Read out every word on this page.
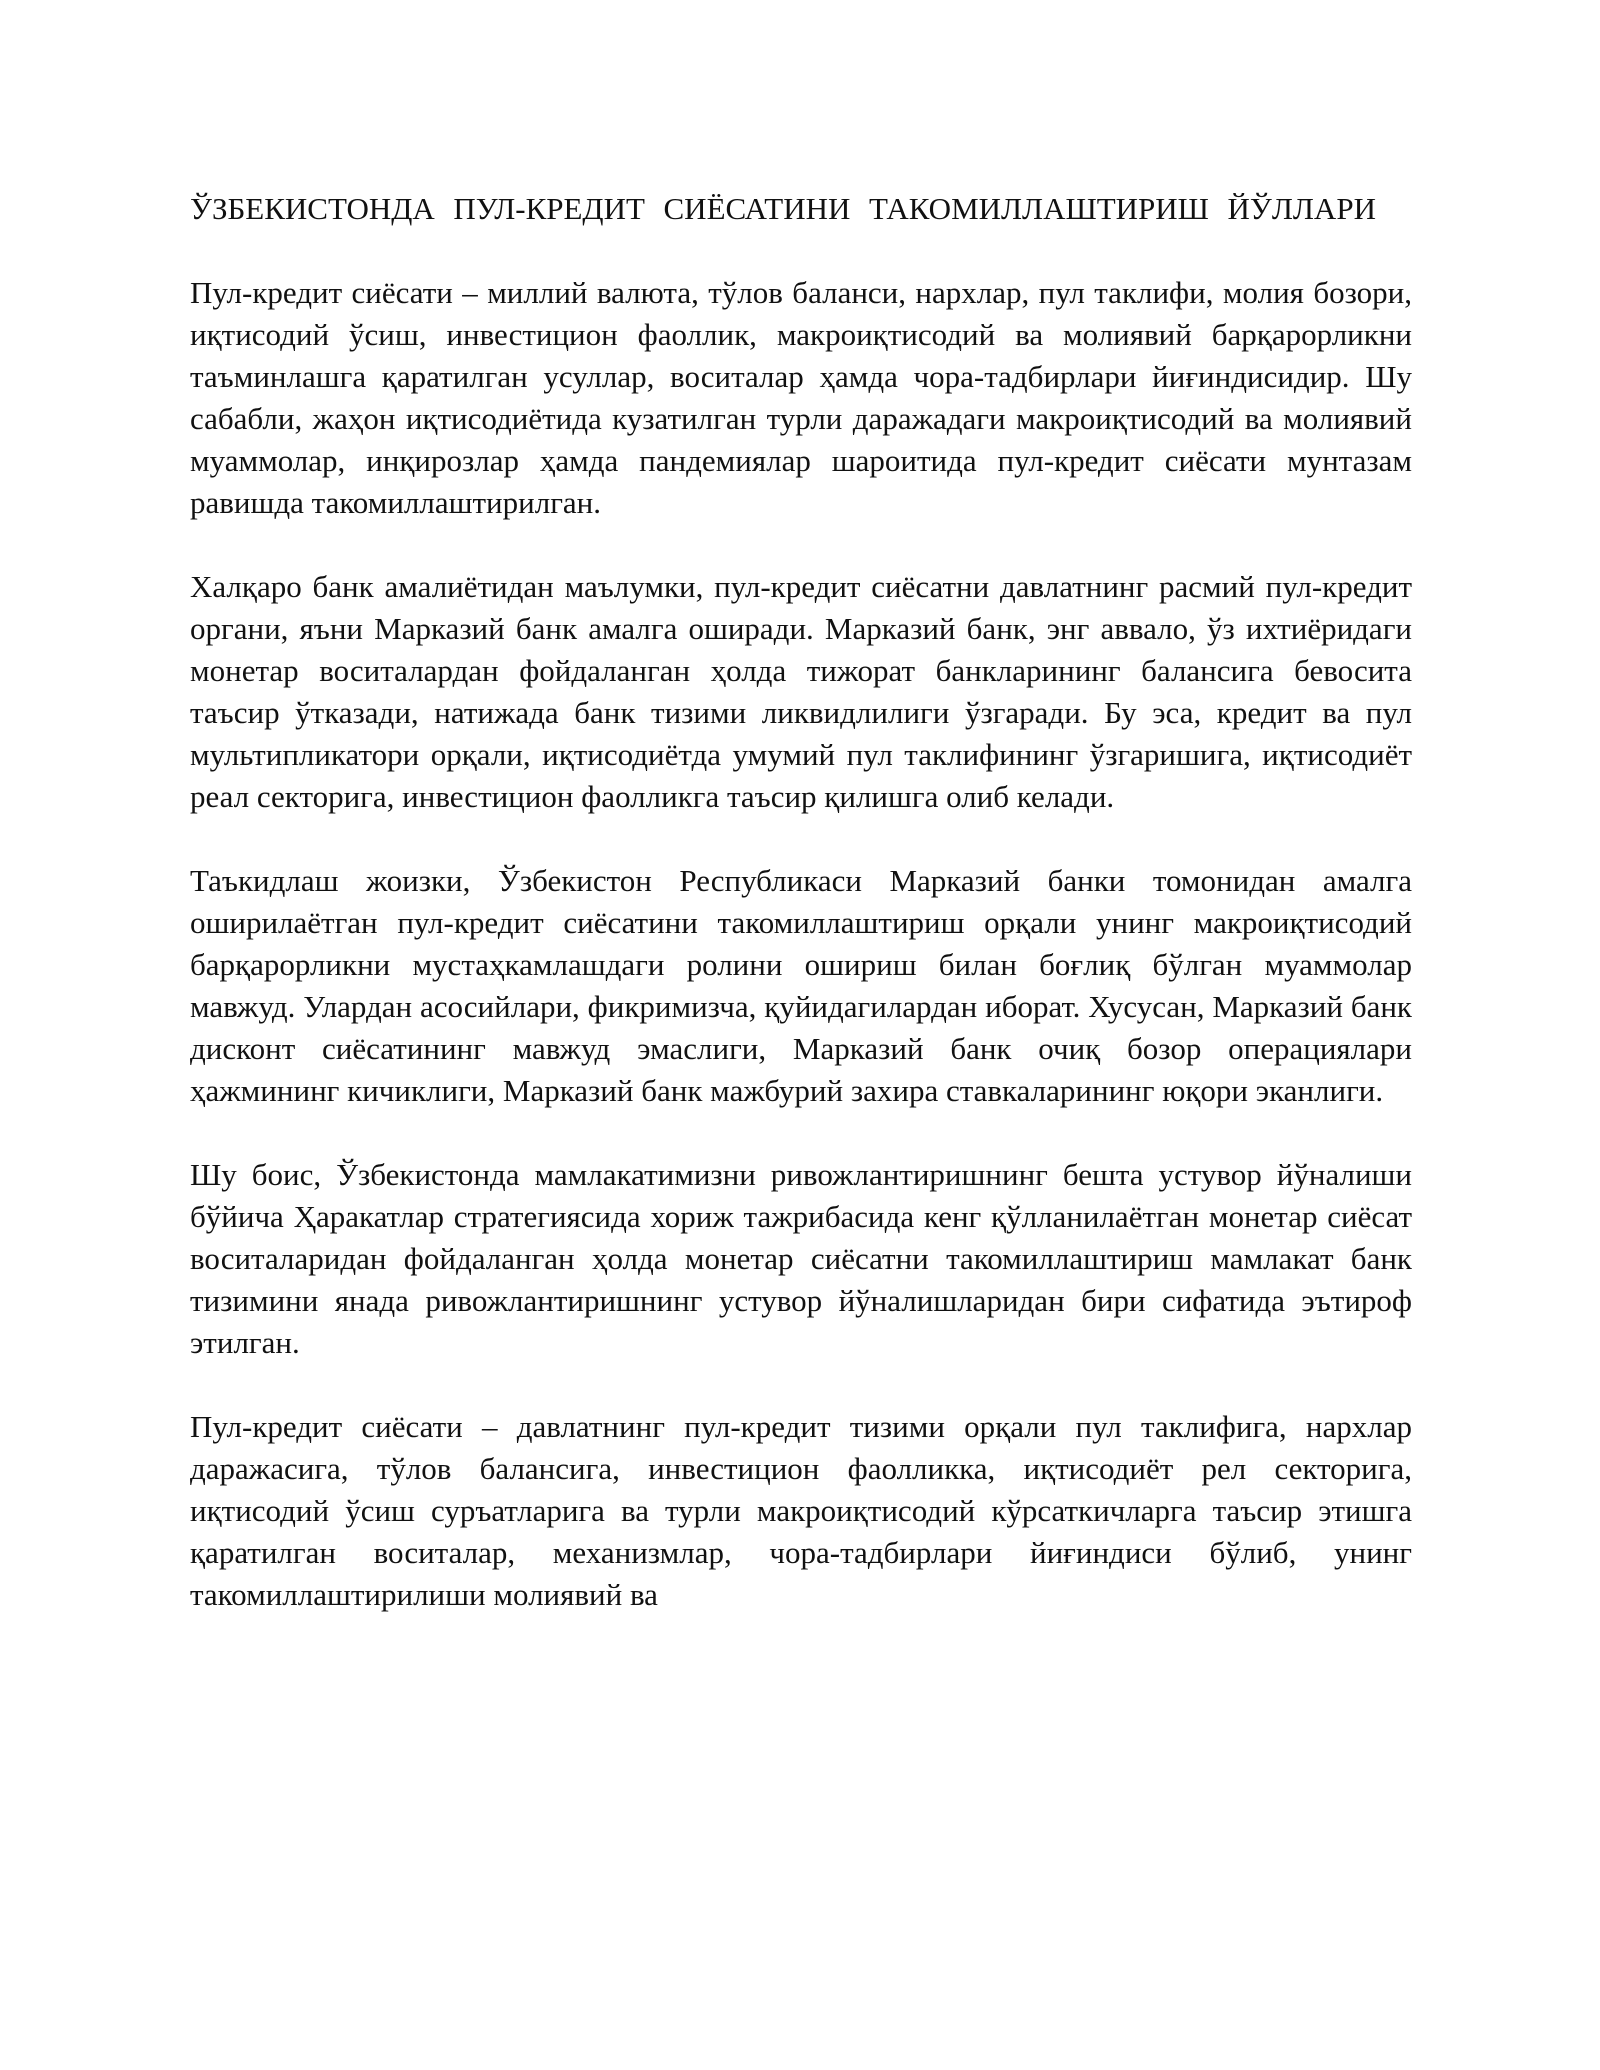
ЎЗБЕКИСТОНДА ПУЛ-КРЕДИТ СИЁСАТИНИ ТАКОМИЛЛАШТИРИШ ЙЎЛЛАРИ

Пул-кредит сиёсати – миллий валюта, тўлов баланси, нархлар, пул таклифи, молия бозори, иқтисодий ўсиш, инвестицион фаоллик, макроиқтисодий ва молиявий барқарорликни таъминлашга қаратилган усуллар, воситалар ҳамда чора-тадбирлари йиғиндисидир. Шу сабабли, жаҳон иқтисодиётида кузатилган турли даражадаги макроиқтисодий ва молиявий муаммолар, инқирозлар ҳамда пандемиялар шароитида пул-кредит сиёсати мунтазам равишда такомиллаштирилган.

Халқаро банк амалиётидан маълумки, пул-кредит сиёсатни давлатнинг расмий пул-кредит органи, яъни Марказий банк амалга оширади. Марказий банк, энг аввало, ўз ихтиёридаги монетар воситалардан фойдаланган ҳолда тижорат банкларининг балансига бевосита таъсир ўтказади, натижада банк тизими ликвидлилиги ўзгаради. Бу эса, кредит ва пул мультипликатори орқали, иқтисодиётда умумий пул таклифининг ўзгаришига, иқтисодиёт реал секторига, инвестицион фаолликга таъсир қилишга олиб келади.

Таъкидлаш жоизки, Ўзбекистон Республикаси Марказий банки томонидан амалга оширилаётган пул-кредит сиёсатини такомиллаштириш орқали унинг макроиқтисодий барқарорликни мустаҳкамлашдаги ролини ошириш билан боғлиқ бўлган муаммолар мавжуд. Улардан асосийлари, фикримизча, қуйидагилардан иборат. Хусусан, Марказий банк дисконт сиёсатининг мавжуд эмаслиги, Марказий банк очиқ бозор операциялари ҳажмининг кичиклиги, Марказий банк мажбурий захира ставкаларининг юқори эканлиги.

Шу боис, Ўзбекистонда мамлакатимизни ривожлантиришнинг бешта устувор йўналиши бўйича Ҳаракатлар стратегиясида хориж тажрибасида кенг қўлланилаётган монетар сиёсат воситаларидан фойдаланган ҳолда монетар сиёсатни такомиллаштириш мамлакат банк тизимини янада ривожлантиришнинг устувор йўналишларидан бири сифатида эътироф этилган.

Пул-кредит сиёсати – давлатнинг пул-кредит тизими орқали пул таклифига, нархлар даражасига, тўлов балансига, инвестицион фаолликка, иқтисодиёт рел секторига, иқтисодий ўсиш суръатларига ва турли макроиқтисодий кўрсаткичларга таъсир этишга қаратилган воситалар, механизмлар, чора-тадбирлари йиғиндиси бўлиб, унинг такомиллаштирилиши молиявий ва
